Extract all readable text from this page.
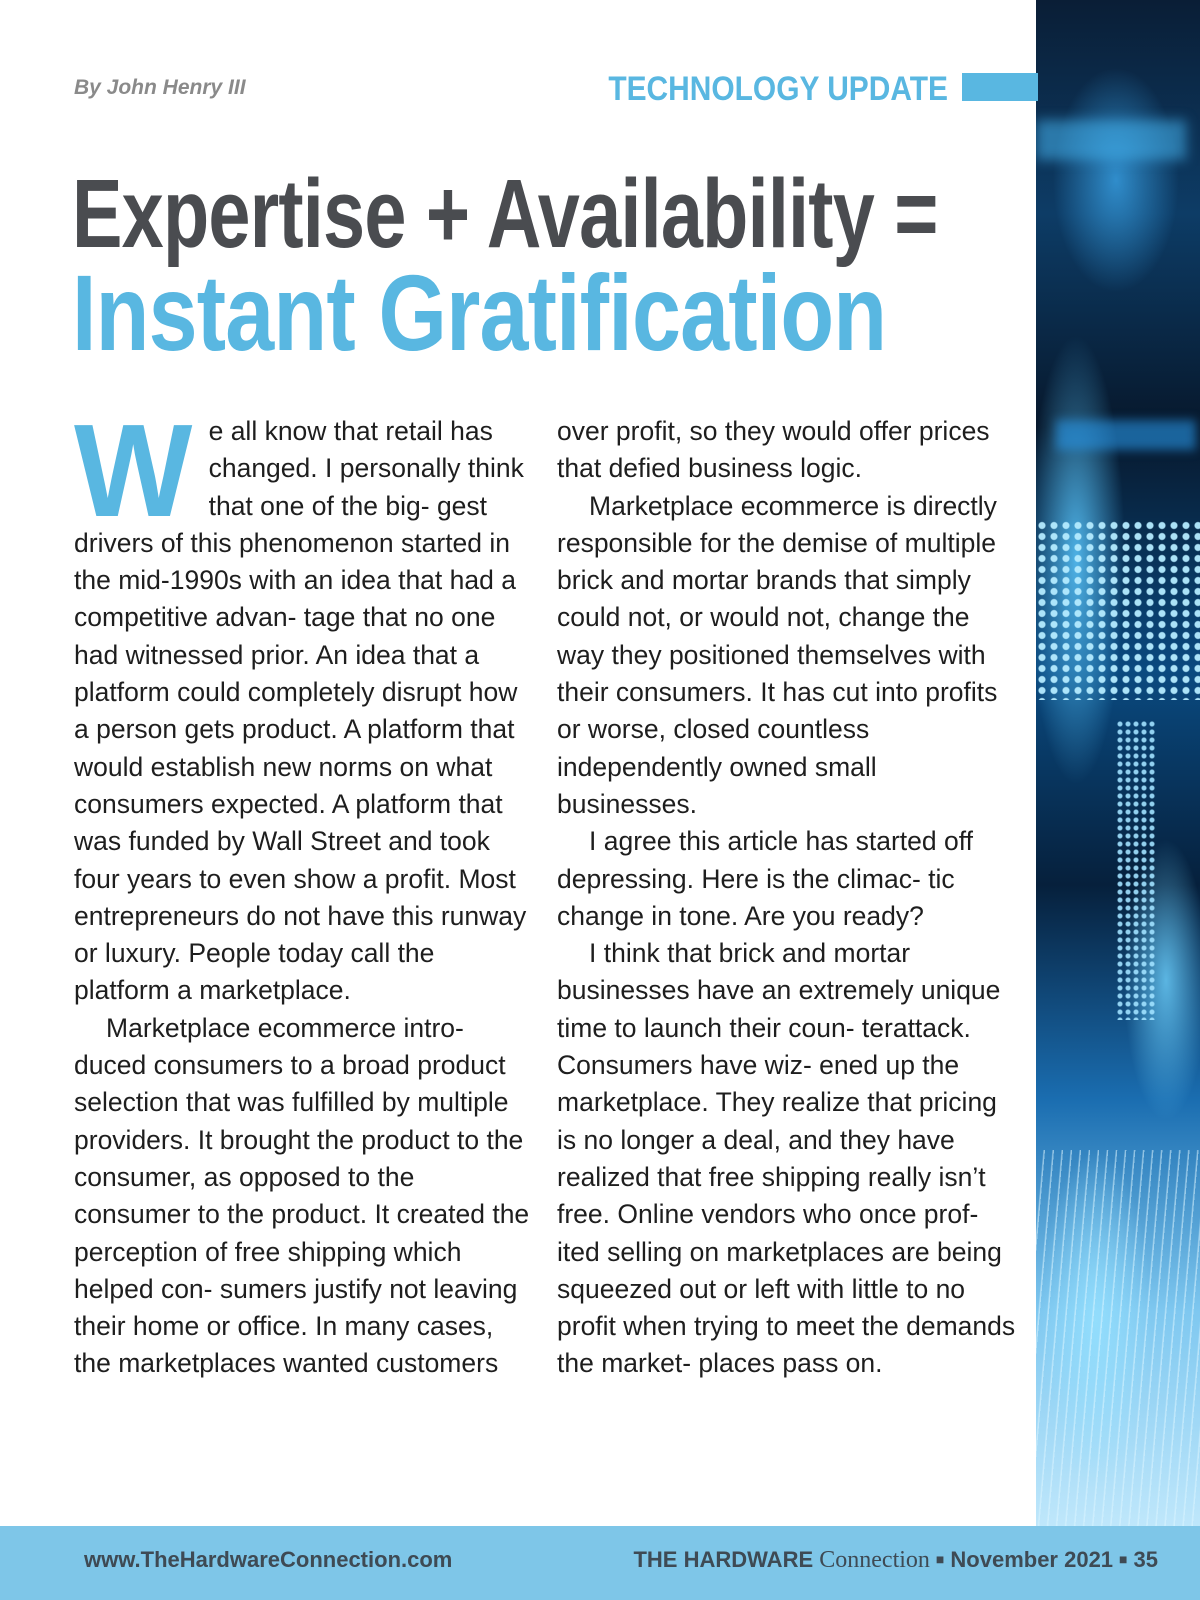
By John Henry III	TECHNOLOGY UPDATE
Expertise + Availability =
Instant Gratification
W e all know that retail has changed. I personally think that one of the big- gest drivers of this phenomenon started in the mid-1990s with an idea that had a competitive advan- tage that no one had witnessed prior. An idea that a platform could completely disrupt how a person gets product. A platform that would establish new norms on what consumers expected. A platform that was funded by Wall Street and took four years to even show a profit. Most entrepreneurs do not have this runway or luxury. People today call the platform a marketplace.

Marketplace ecommerce intro- duced consumers to a broad product selection that was fulfilled by multiple providers. It brought the product to the consumer, as opposed to the consumer to the product. It created the perception of free shipping which helped con- sumers justify not leaving their home or office. In many cases, the marketplaces wanted customers

over profit, so they would offer prices that defied business logic.

Marketplace ecommerce is directly responsible for the demise of multiple brick and mortar brands that simply could not, or would not, change the way they positioned themselves with their consumers. It has cut into profits or worse, closed countless independently owned small businesses.

I agree this article has started off depressing. Here is the climac- tic change in tone. Are you ready?

I think that brick and mortar businesses have an extremely unique time to launch their coun- terattack. Consumers have wiz- ened up the marketplace. They realize that pricing is no longer a deal, and they have realized that free shipping really isn’t free. Online vendors who once prof- ited selling on marketplaces are being squeezed out or left with little to no profit when trying to meet the demands the market- places pass on.

www.TheHardwareConnection.com	THE HARDWARE Connection ■ November 2021 ■ 35
